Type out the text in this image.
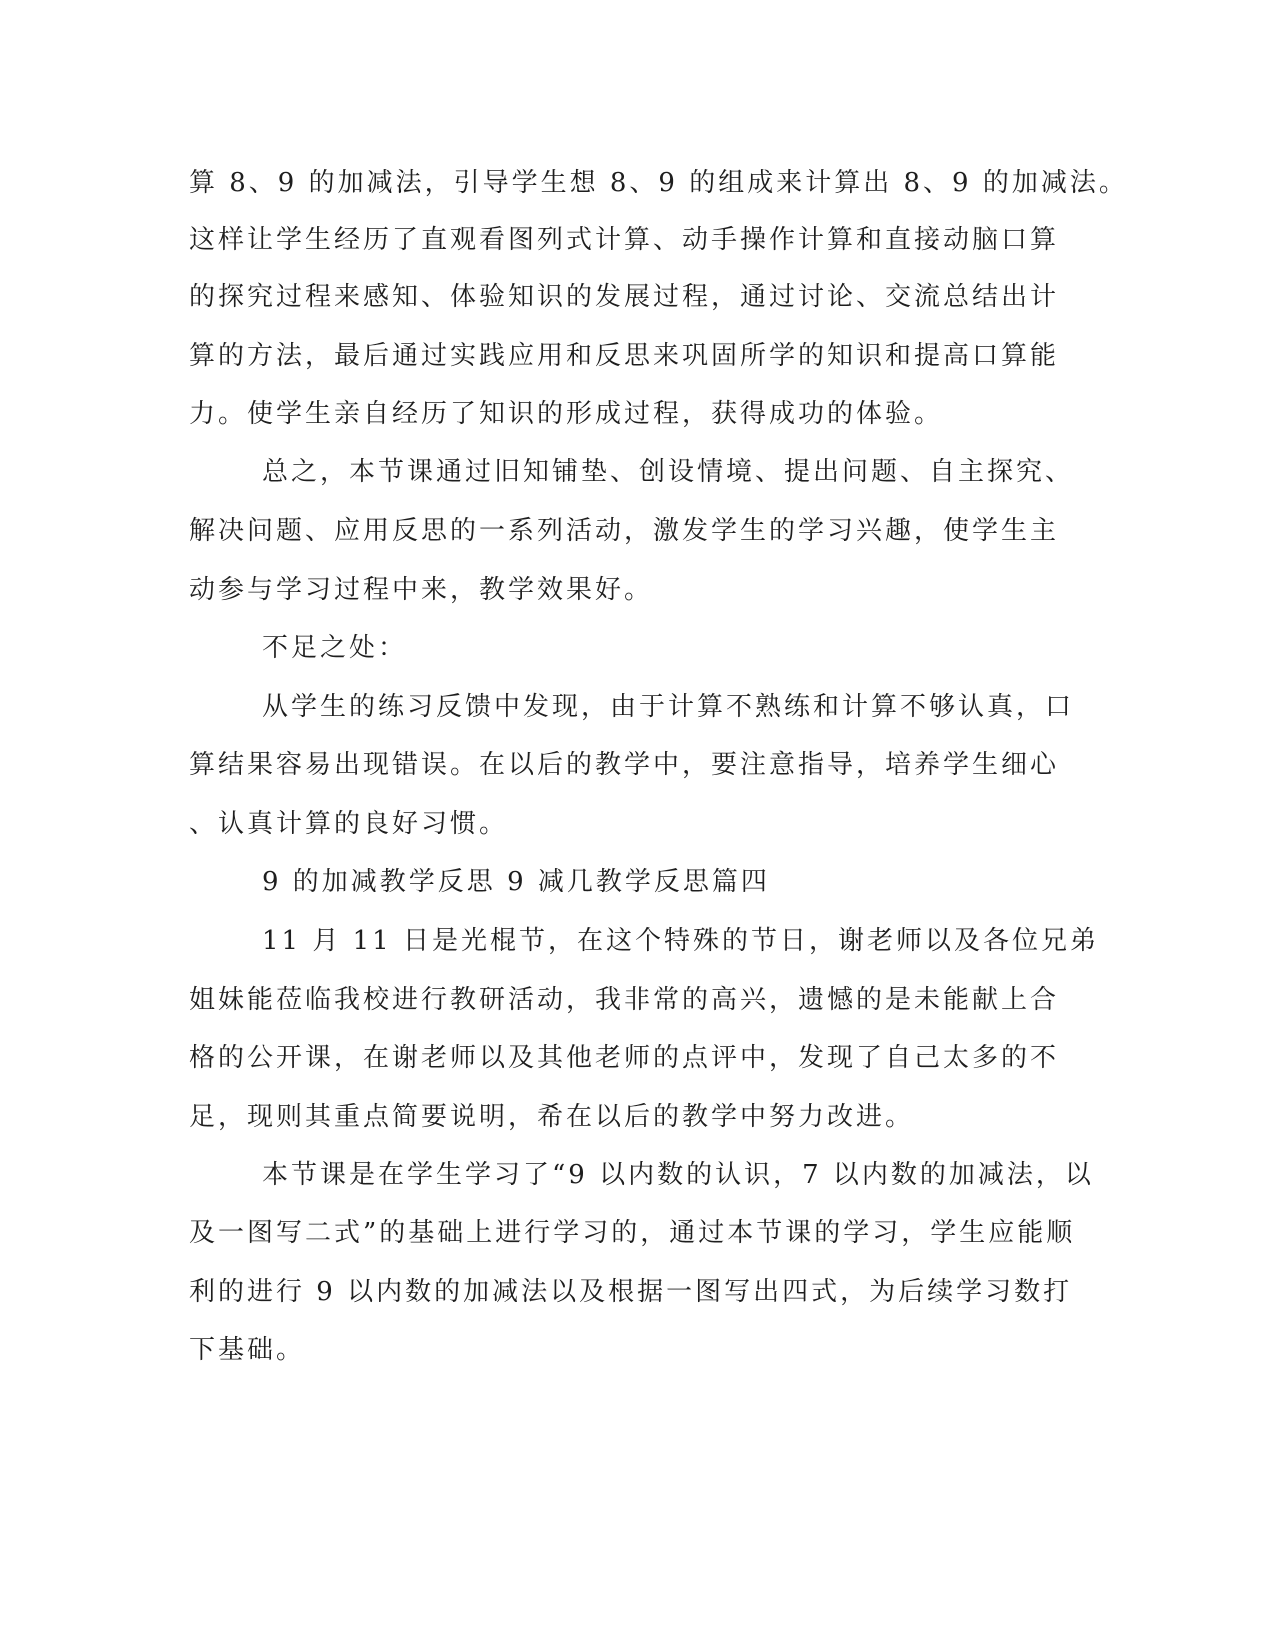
算 8、9 的加减法，引导学生想 8、9 的组成来计算出 8、9 的加减法。
这样让学生经历了直观看图列式计算、动手操作计算和直接动脑口算
的探究过程来感知、体验知识的发展过程，通过讨论、交流总结出计
算的方法，最后通过实践应用和反思来巩固所学的知识和提高口算能
力。使学生亲自经历了知识的形成过程，获得成功的体验。
总之，本节课通过旧知铺垫、创设情境、提出问题、自主探究、
解决问题、应用反思的一系列活动，激发学生的学习兴趣，使学生主
动参与学习过程中来，教学效果好。
不足之处：
从学生的练习反馈中发现，由于计算不熟练和计算不够认真，口
算结果容易出现错误。在以后的教学中，要注意指导，培养学生细心
、认真计算的良好习惯。
9 的加减教学反思 9 减几教学反思篇四
11 月 11 日是光棍节，在这个特殊的节日，谢老师以及各位兄弟
姐妹能莅临我校进行教研活动，我非常的高兴，遗憾的是未能献上合
格的公开课，在谢老师以及其他老师的点评中，发现了自己太多的不
足，现则其重点简要说明，希在以后的教学中努力改进。
本节课是在学生学习了“9 以内数的认识，7 以内数的加减法，以
及一图写二式”的基础上进行学习的，通过本节课的学习，学生应能顺
利的进行 9 以内数的加减法以及根据一图写出四式，为后续学习数打
下基础。
